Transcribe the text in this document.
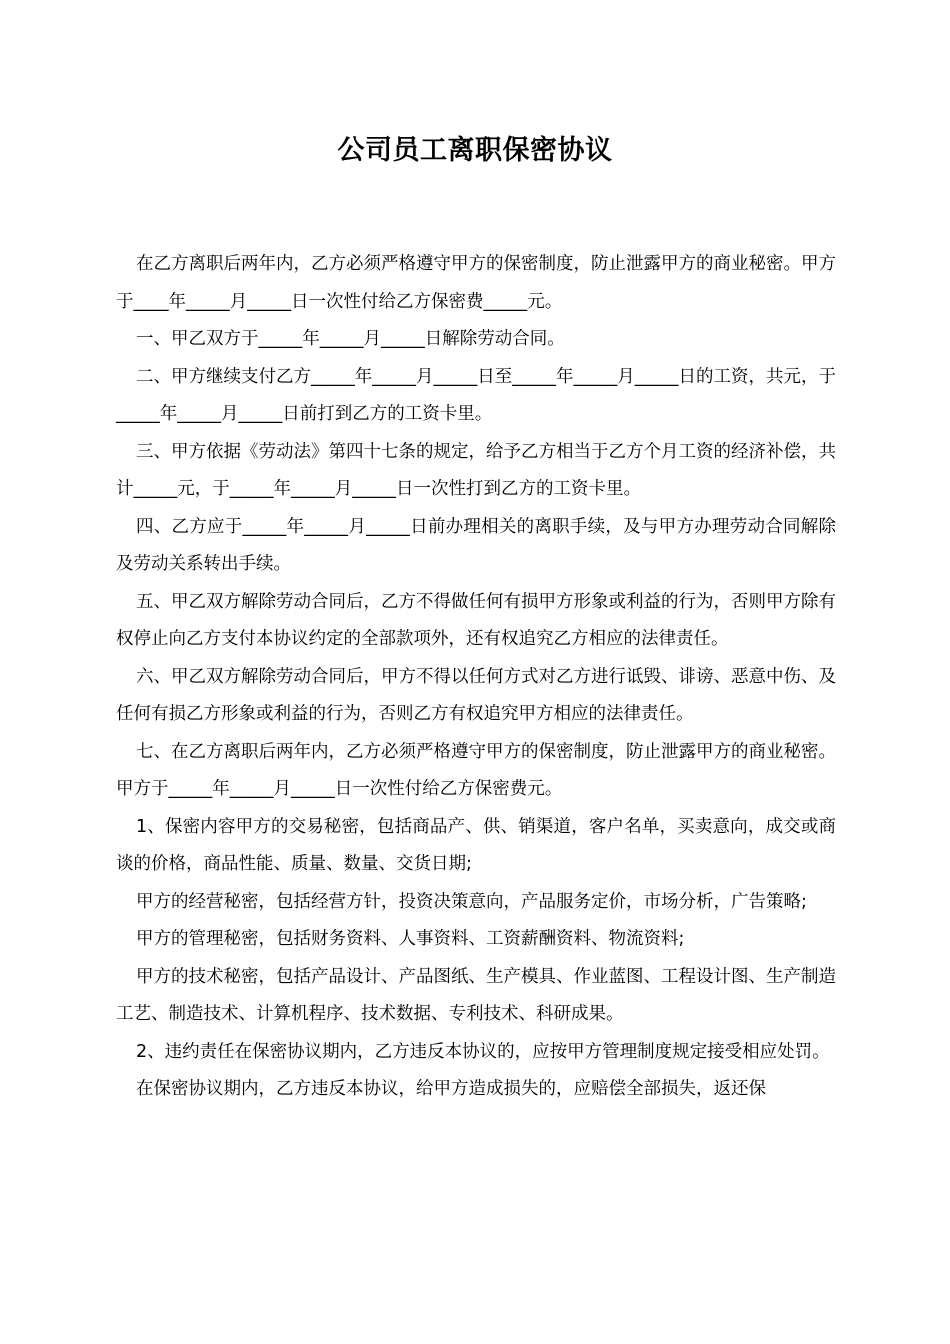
公司员工离职保密协议

在乙方离职后两年内，乙方必须严格遵守甲方的保密制度，防止泄露甲方的商业秘密。甲方于____年_____月_____日一次性付给乙方保密费_____元。

一、甲乙双方于_____年_____月_____日解除劳动合同。

二、甲方继续支付乙方_____年_____月_____日至_____年_____月_____日的工资，共元，于_____年_____月_____日前打到乙方的工资卡里。

三、甲方依据《劳动法》第四十七条的规定，给予乙方相当于乙方个月工资的经济补偿，共计_____元，于_____年_____月_____日一次性打到乙方的工资卡里。

四、乙方应于_____年_____月_____日前办理相关的离职手续，及与甲方办理劳动合同解除及劳动关系转出手续。

五、甲乙双方解除劳动合同后，乙方不得做任何有损甲方形象或利益的行为，否则甲方除有权停止向乙方支付本协议约定的全部款项外，还有权追究乙方相应的法律责任。

六、甲乙双方解除劳动合同后，甲方不得以任何方式对乙方进行诋毁、诽谤、恶意中伤、及任何有损乙方形象或利益的行为，否则乙方有权追究甲方相应的法律责任。

七、在乙方离职后两年内，乙方必须严格遵守甲方的保密制度，防止泄露甲方的商业秘密。甲方于_____年_____月_____日一次性付给乙方保密费元。

1、保密内容甲方的交易秘密，包括商品产、供、销渠道，客户名单，买卖意向，成交或商谈的价格，商品性能、质量、数量、交货日期;

甲方的经营秘密，包括经营方针，投资决策意向，产品服务定价，市场分析，广告策略;

甲方的管理秘密，包括财务资料、人事资料、工资薪酬资料、物流资料;

甲方的技术秘密，包括产品设计、产品图纸、生产模具、作业蓝图、工程设计图、生产制造工艺、制造技术、计算机程序、技术数据、专利技术、科研成果。

2、违约责任在保密协议期内，乙方违反本协议的，应按甲方管理制度规定接受相应处罚。

在保密协议期内，乙方违反本协议，给甲方造成损失的，应赔偿全部损失，返还保
